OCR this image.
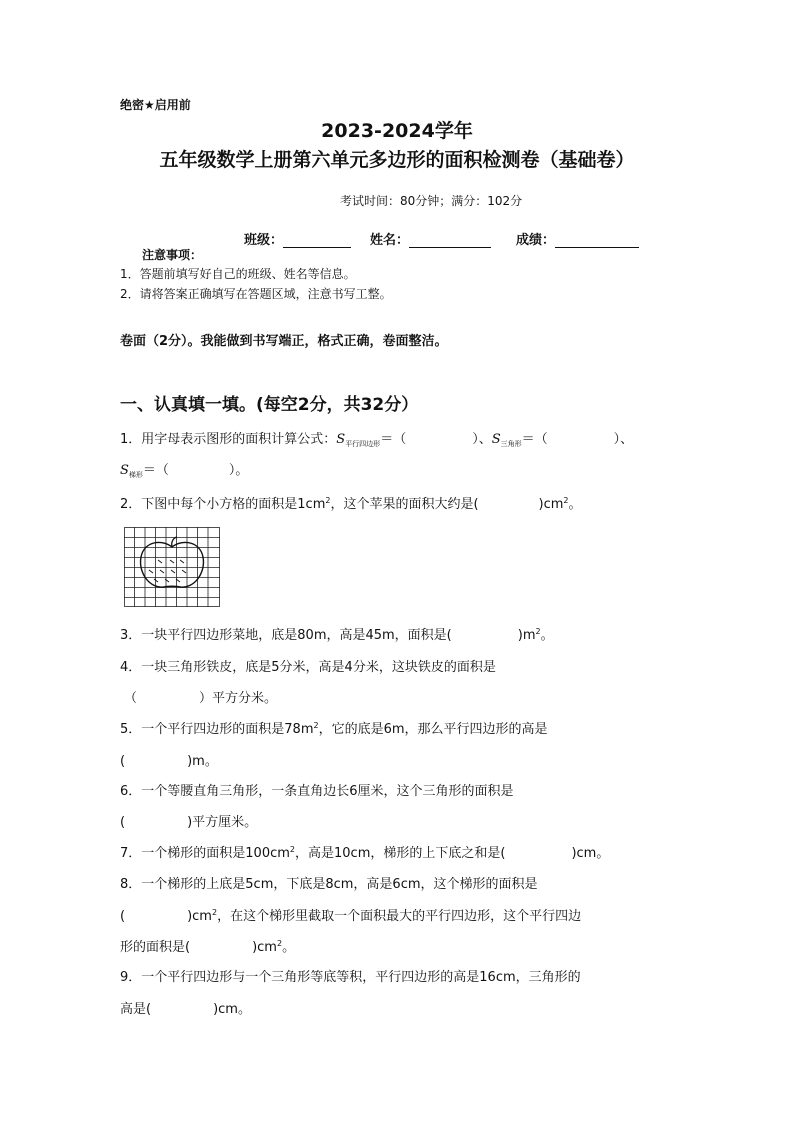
绝密★启用前
2023-2024学年
五年级数学上册第六单元多边形的面积检测卷（基础卷）
考试时间：80分钟；满分：102分
班级：	姓名：	成绩：
注意事项：
1．答题前填写好自己的班级、姓名等信息。
2．请将答案正确填写在答题区域，注意书写工整。
卷面（2分）。我能做到书写端正，格式正确，卷面整洁。
一、认真填一填。(每空2分，共32分）
1．用字母表示图形的面积计算公式：$S_{平行四边形}=$（	）、$S_{三角形}=$（	）、
$S_{梯形}=$（	）。
2．下图中每个小方格的面积是$1cm^2$，这个苹果的面积大约是(	)$cm^2$。
3．一块平行四边形菜地，底是80m，高是45m，面积是(	)$m^2$。
4．一块三角形铁皮，底是5分米，高是4分米，这块铁皮的面积是
（	）平方分米。
5．一个平行四边形的面积是$78m^2$，它的底是6m，那么平行四边形的高是
(	)m。
6．一个等腰直角三角形，一条直角边长6厘米，这个三角形的面积是
(	)平方厘米。
7．一个梯形的面积是$100cm^2$，高是10cm，梯形的上下底之和是(	)cm。
8．一个梯形的上底是5cm，下底是8cm，高是6cm，这个梯形的面积是
(	)$cm^2$，在这个梯形里截取一个面积最大的平行四边形，这个平行四边
形的面积是(	)$cm^2$。
9．一个平行四边形与一个三角形等底等积，平行四边形的高是16cm，三角形的
高是(	)cm。
